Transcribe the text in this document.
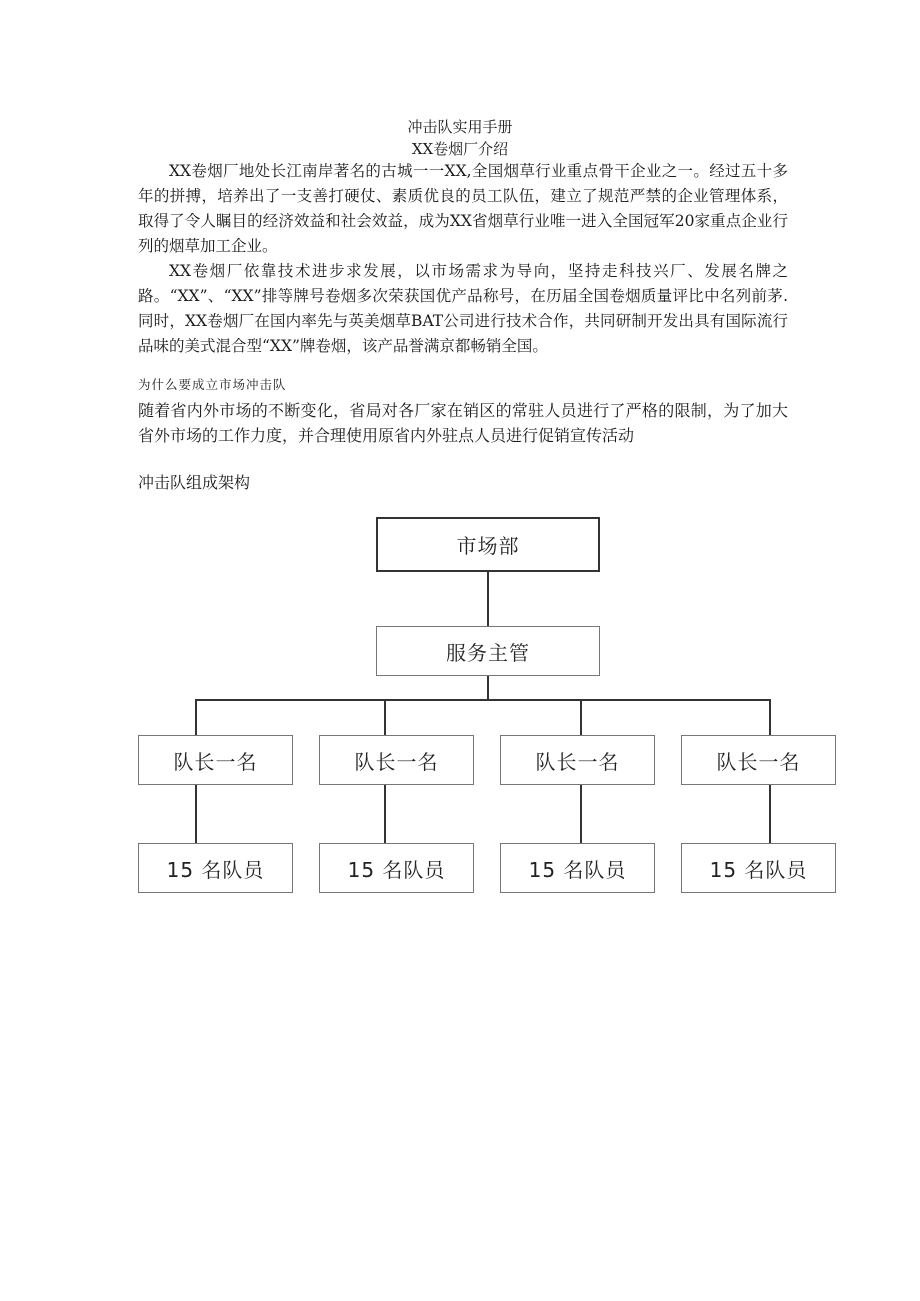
冲击队实用手册
XX卷烟厂介绍

XX卷烟厂地处长江南岸著名的古城一一XX,全国烟草行业重点骨干企业之一。经过五十多年的拼搏，培养出了一支善打硬仗、素质优良的员工队伍，建立了规范严禁的企业管理体系，取得了令人瞩目的经济效益和社会效益，成为XX省烟草行业唯一进入全国冠军20家重点企业行列的烟草加工企业。

XX卷烟厂依靠技术进步求发展，以市场需求为导向，坚持走科技兴厂、发展名牌之路。“XX”、“XX”排等牌号卷烟多次荣获国优产品称号，在历届全国卷烟质量评比中名列前茅.同时，XX卷烟厂在国内率先与英美烟草BAT公司进行技术合作，共同研制开发出具有国际流行品味的美式混合型“XX”牌卷烟，该产品誉满京都畅销全国。

为什么要成立市场冲击队

随着省内外市场的不断变化，省局对各厂家在销区的常驻人员进行了严格的限制，为了加大省外市场的工作力度，并合理使用原省内外驻点人员进行促销宣传活动

冲击队组成架构
市场部
服务主管
队长一名	队长一名	队长一名	队长一名
15 名队员	15 名队员	15 名队员	15 名队员
